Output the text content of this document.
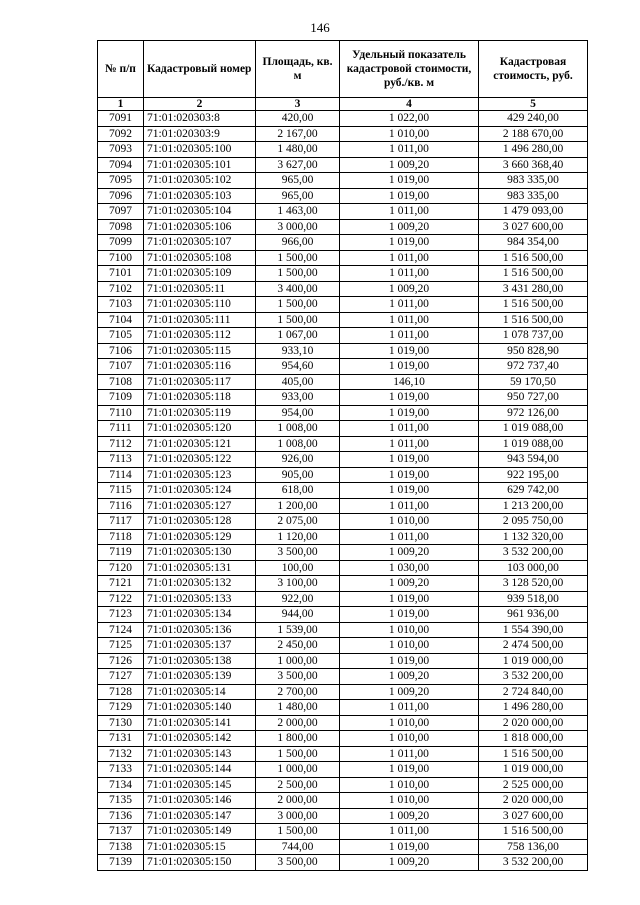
146
№ п/п	Кадастровый номер	Площадь, кв. м	Удельный показатель кадастровой стоимости, руб./кв. м	Кадастровая стоимость, руб.
1	2	3	4	5
7091	71:01:020303:8	420,00	1 022,00	429 240,00
7092	71:01:020303:9	2 167,00	1 010,00	2 188 670,00
7093	71:01:020305:100	1 480,00	1 011,00	1 496 280,00
7094	71:01:020305:101	3 627,00	1 009,20	3 660 368,40
7095	71:01:020305:102	965,00	1 019,00	983 335,00
7096	71:01:020305:103	965,00	1 019,00	983 335,00
7097	71:01:020305:104	1 463,00	1 011,00	1 479 093,00
7098	71:01:020305:106	3 000,00	1 009,20	3 027 600,00
7099	71:01:020305:107	966,00	1 019,00	984 354,00
7100	71:01:020305:108	1 500,00	1 011,00	1 516 500,00
7101	71:01:020305:109	1 500,00	1 011,00	1 516 500,00
7102	71:01:020305:11	3 400,00	1 009,20	3 431 280,00
7103	71:01:020305:110	1 500,00	1 011,00	1 516 500,00
7104	71:01:020305:111	1 500,00	1 011,00	1 516 500,00
7105	71:01:020305:112	1 067,00	1 011,00	1 078 737,00
7106	71:01:020305:115	933,10	1 019,00	950 828,90
7107	71:01:020305:116	954,60	1 019,00	972 737,40
7108	71:01:020305:117	405,00	146,10	59 170,50
7109	71:01:020305:118	933,00	1 019,00	950 727,00
7110	71:01:020305:119	954,00	1 019,00	972 126,00
7111	71:01:020305:120	1 008,00	1 011,00	1 019 088,00
7112	71:01:020305:121	1 008,00	1 011,00	1 019 088,00
7113	71:01:020305:122	926,00	1 019,00	943 594,00
7114	71:01:020305:123	905,00	1 019,00	922 195,00
7115	71:01:020305:124	618,00	1 019,00	629 742,00
7116	71:01:020305:127	1 200,00	1 011,00	1 213 200,00
7117	71:01:020305:128	2 075,00	1 010,00	2 095 750,00
7118	71:01:020305:129	1 120,00	1 011,00	1 132 320,00
7119	71:01:020305:130	3 500,00	1 009,20	3 532 200,00
7120	71:01:020305:131	100,00	1 030,00	103 000,00
7121	71:01:020305:132	3 100,00	1 009,20	3 128 520,00
7122	71:01:020305:133	922,00	1 019,00	939 518,00
7123	71:01:020305:134	944,00	1 019,00	961 936,00
7124	71:01:020305:136	1 539,00	1 010,00	1 554 390,00
7125	71:01:020305:137	2 450,00	1 010,00	2 474 500,00
7126	71:01:020305:138	1 000,00	1 019,00	1 019 000,00
7127	71:01:020305:139	3 500,00	1 009,20	3 532 200,00
7128	71:01:020305:14	2 700,00	1 009,20	2 724 840,00
7129	71:01:020305:140	1 480,00	1 011,00	1 496 280,00
7130	71:01:020305:141	2 000,00	1 010,00	2 020 000,00
7131	71:01:020305:142	1 800,00	1 010,00	1 818 000,00
7132	71:01:020305:143	1 500,00	1 011,00	1 516 500,00
7133	71:01:020305:144	1 000,00	1 019,00	1 019 000,00
7134	71:01:020305:145	2 500,00	1 010,00	2 525 000,00
7135	71:01:020305:146	2 000,00	1 010,00	2 020 000,00
7136	71:01:020305:147	3 000,00	1 009,20	3 027 600,00
7137	71:01:020305:149	1 500,00	1 011,00	1 516 500,00
7138	71:01:020305:15	744,00	1 019,00	758 136,00
7139	71:01:020305:150	3 500,00	1 009,20	3 532 200,00
